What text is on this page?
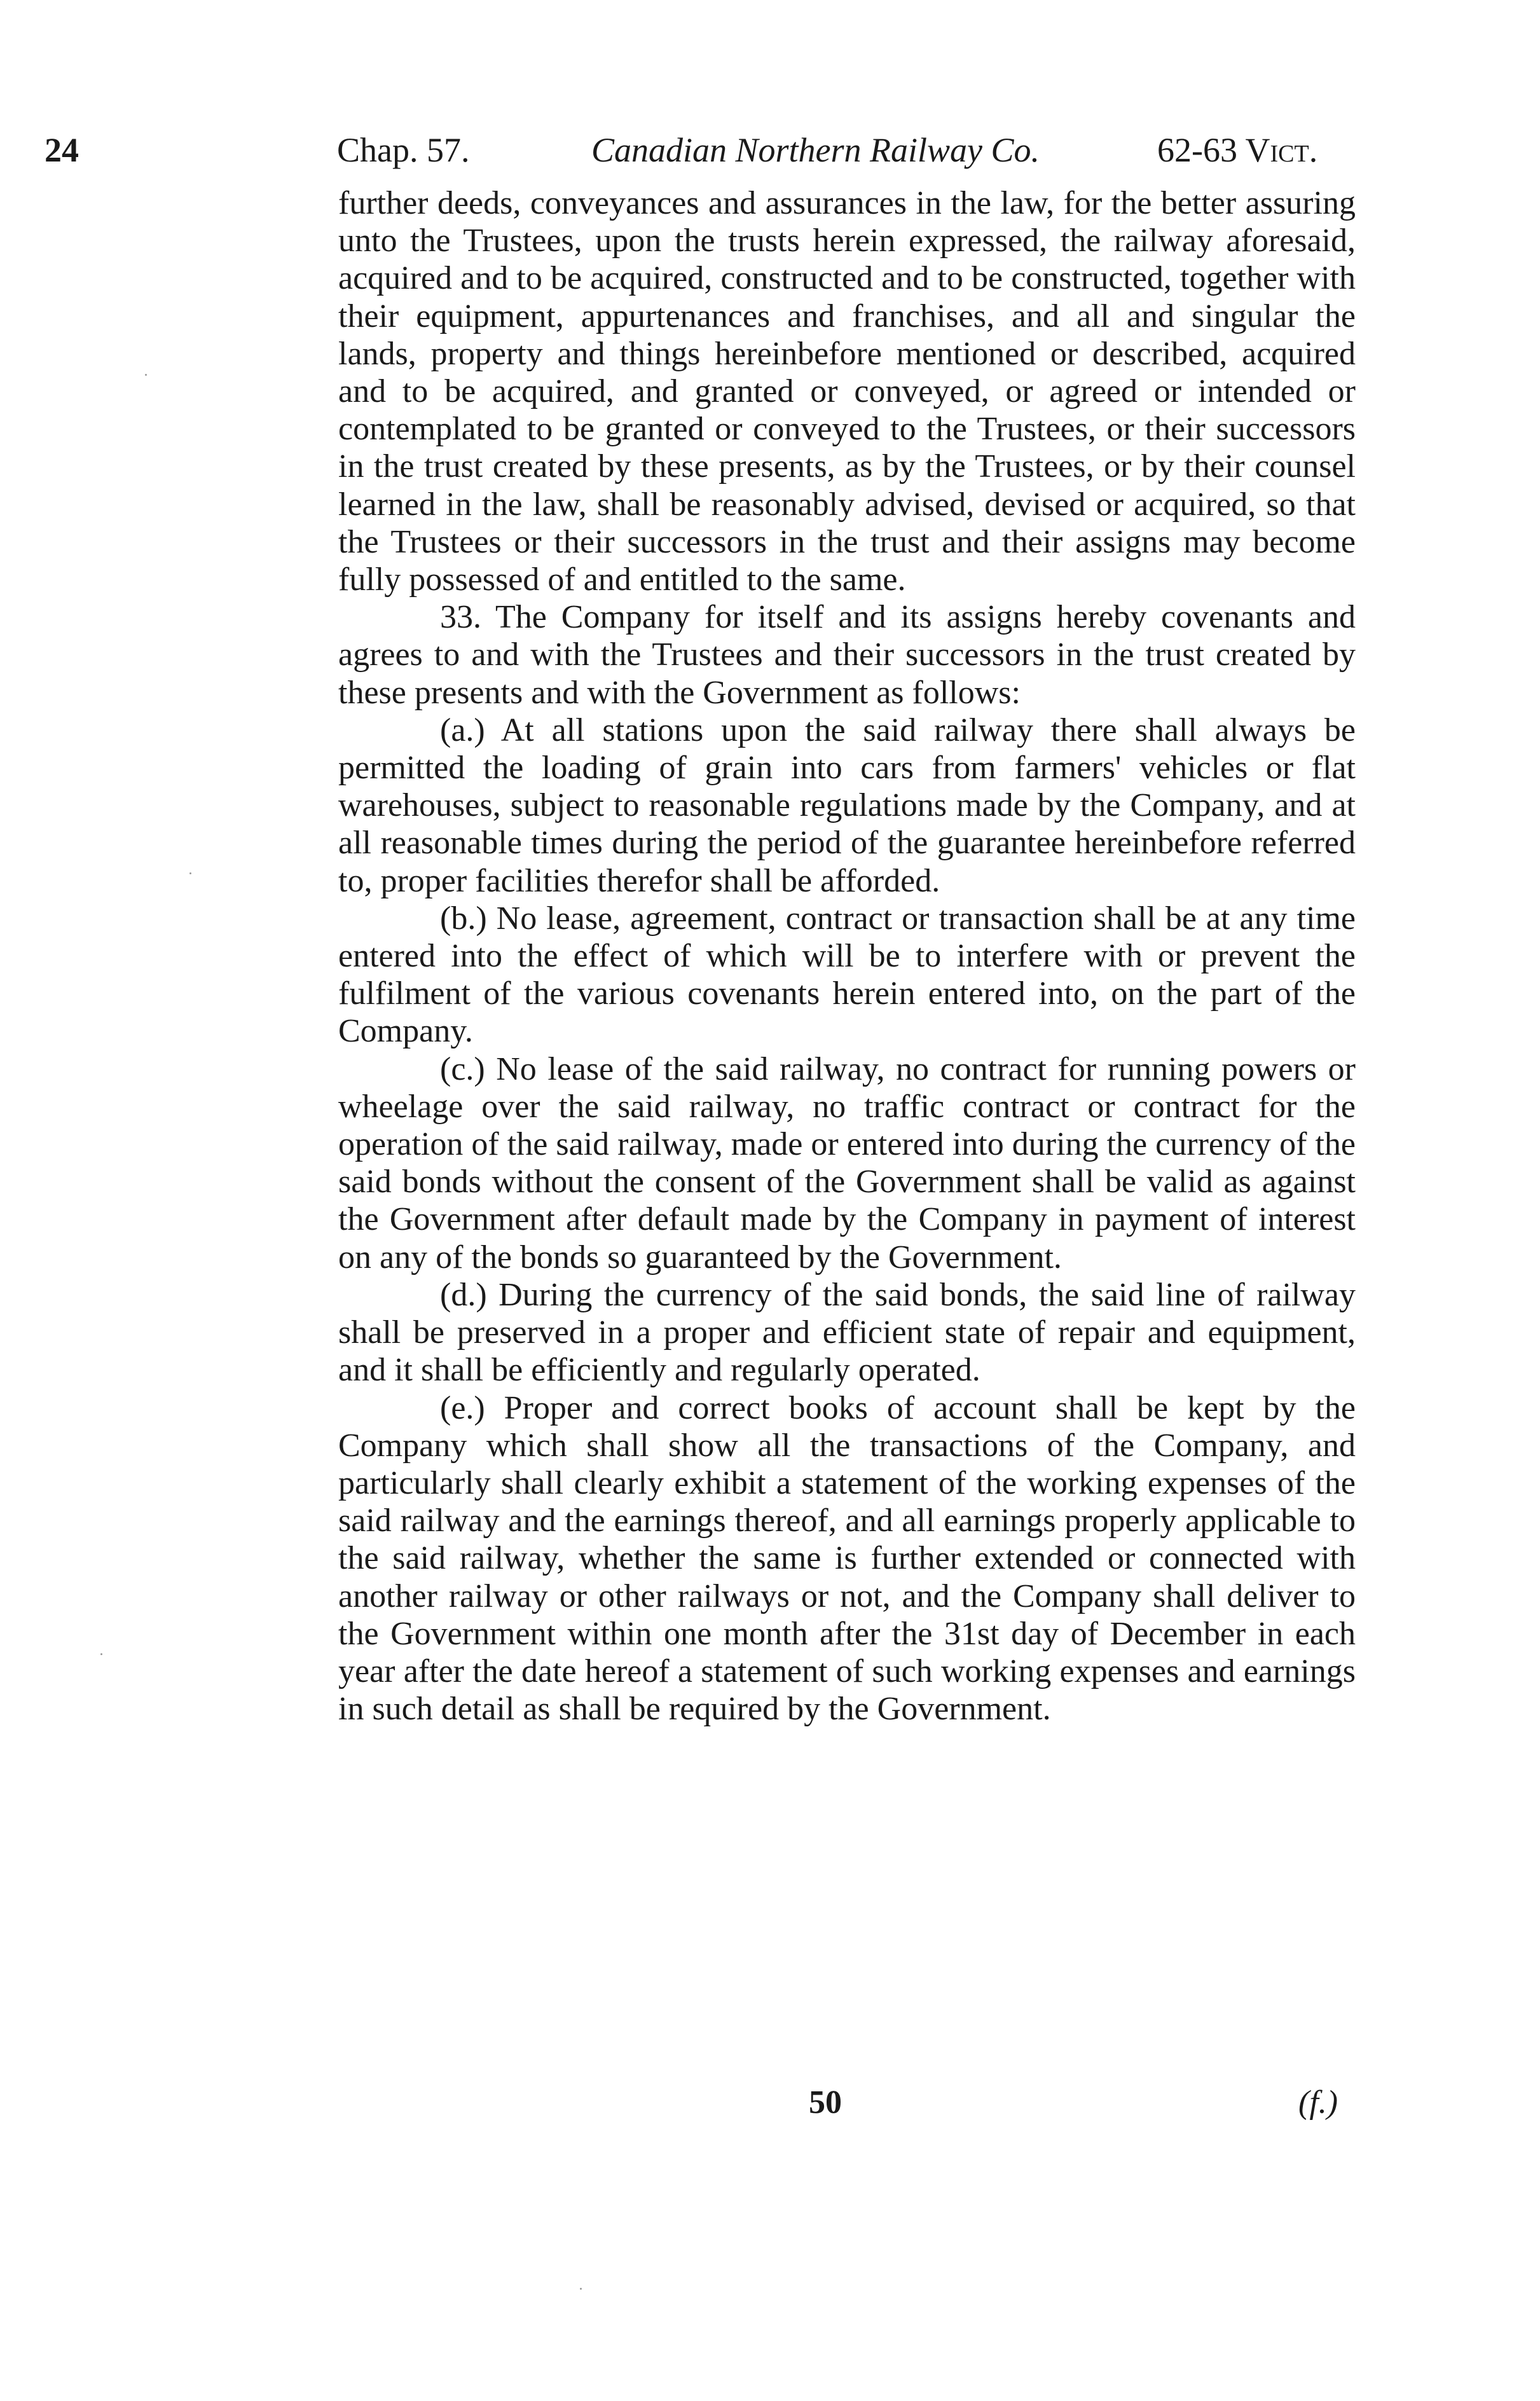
24	Chap. 57.	Canadian Northern Railway Co.	62-63 Vict.

further deeds, conveyances and assurances in the law, for the better assuring unto the Trustees, upon the trusts herein expressed, the railway aforesaid, acquired and to be acquired, constructed and to be constructed, together with their equipment, appurtenances and franchises, and all and singular the lands, property and things hereinbefore mentioned or described, acquired and to be acquired, and granted or conveyed, or agreed or intended or contemplated to be granted or conveyed to the Trustees, or their successors in the trust created by these presents, as by the Trustees, or by their counsel learned in the law, shall be reasonably advised, devised or acquired, so that the Trustees or their successors in the trust and their assigns may become fully possessed of and entitled to the same.

33. The Company for itself and its assigns hereby covenants and agrees to and with the Trustees and their successors in the trust created by these presents and with the Government as follows:

(a.) At all stations upon the said railway there shall always be permitted the loading of grain into cars from farmers' vehicles or flat warehouses, subject to reasonable regulations made by the Company, and at all reasonable times during the period of the guarantee hereinbefore referred to, proper facilities therefor shall be afforded.

(b.) No lease, agreement, contract or transaction shall be at any time entered into the effect of which will be to interfere with or prevent the fulfilment of the various covenants herein entered into, on the part of the Company.

(c.) No lease of the said railway, no contract for running powers or wheelage over the said railway, no traffic contract or contract for the operation of the said railway, made or entered into during the currency of the said bonds without the consent of the Government shall be valid as against the Government after default made by the Company in payment of interest on any of the bonds so guaranteed by the Government.

(d.) During the currency of the said bonds, the said line of railway shall be preserved in a proper and efficient state of repair and equipment, and it shall be efficiently and regularly operated.

(e.) Proper and correct books of account shall be kept by the Company which shall show all the transactions of the Company, and particularly shall clearly exhibit a statement of the working expenses of the said railway and the earnings thereof, and all earnings properly applicable to the said railway, whether the same is further extended or connected with another railway or other railways or not, and the Company shall deliver to the Government within one month after the 31st day of December in each year after the date hereof a statement of such working expenses and earnings in such detail as shall be required by the Government.

50	(f.)
